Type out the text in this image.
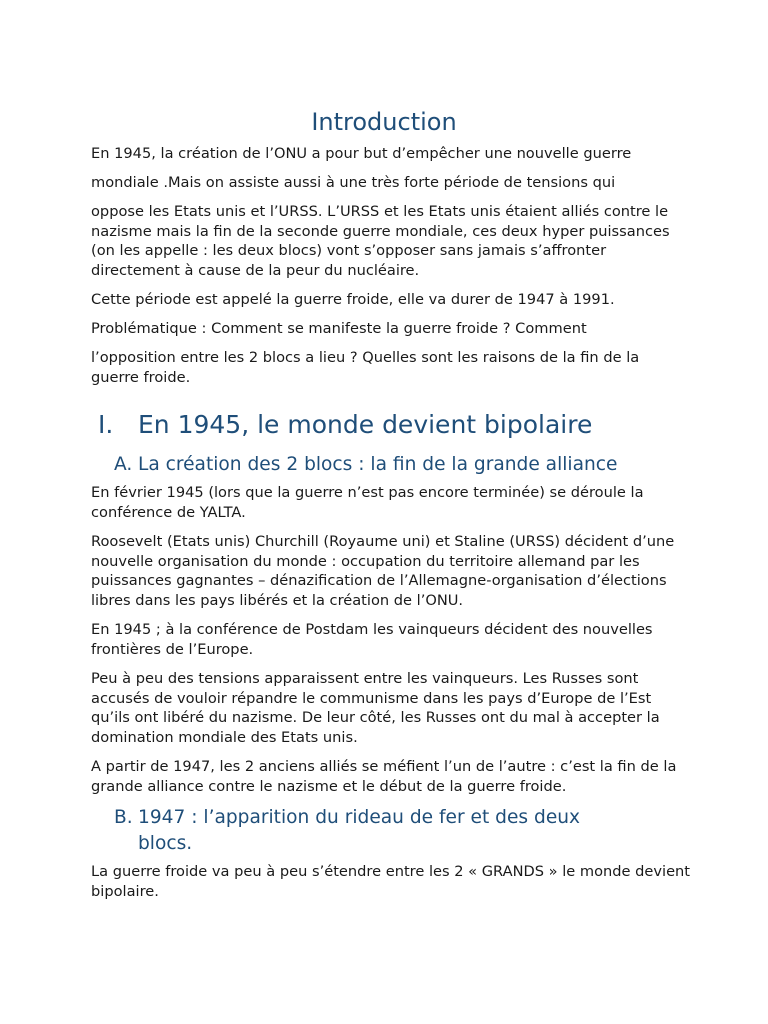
Introduction

En 1945, la création de l’ONU a pour but d’empêcher une nouvelle guerre

mondiale .Mais on assiste aussi à une très forte période de tensions qui

oppose les Etats unis et l’URSS. L’URSS et les Etats unis étaient alliés contre le nazisme mais la fin de la seconde guerre mondiale, ces deux hyper puissances (on les appelle : les deux blocs) vont s’opposer sans jamais s’affronter directement à cause de la peur du nucléaire.

Cette période est appelé la guerre froide, elle va durer de 1947 à 1991.

Problématique : Comment se manifeste la guerre froide ? Comment

l’opposition entre les 2 blocs a lieu ? Quelles sont les raisons de la fin de la guerre froide.

I. En 1945, le monde devient bipolaire
A. La création des 2 blocs : la fin de la grande alliance

En février 1945 (lors que la guerre n’est pas encore terminée) se déroule la conférence de YALTA.

Roosevelt (Etats unis) Churchill (Royaume uni) et Staline (URSS) décident d’une nouvelle organisation du monde : occupation du territoire allemand par les puissances gagnantes – dénazification de l’Allemagne-organisation d’élections libres dans les pays libérés et la création de l’ONU.

En 1945 ; à la conférence de Postdam les vainqueurs décident des nouvelles frontières de l’Europe.

Peu à peu des tensions apparaissent entre les vainqueurs. Les Russes sont accusés de vouloir répandre le communisme dans les pays d’Europe de l’Est qu’ils ont libéré du nazisme. De leur côté, les Russes ont du mal à accepter la domination mondiale des Etats unis.

A partir de 1947, les 2 anciens alliés se méfient l’un de l’autre : c’est la fin de la grande alliance contre le nazisme et le début de la guerre froide.

B. 1947 : l’apparition du rideau de fer et des deux blocs.

La guerre froide va peu à peu s’étendre entre les 2 « GRANDS » le monde devient bipolaire.
